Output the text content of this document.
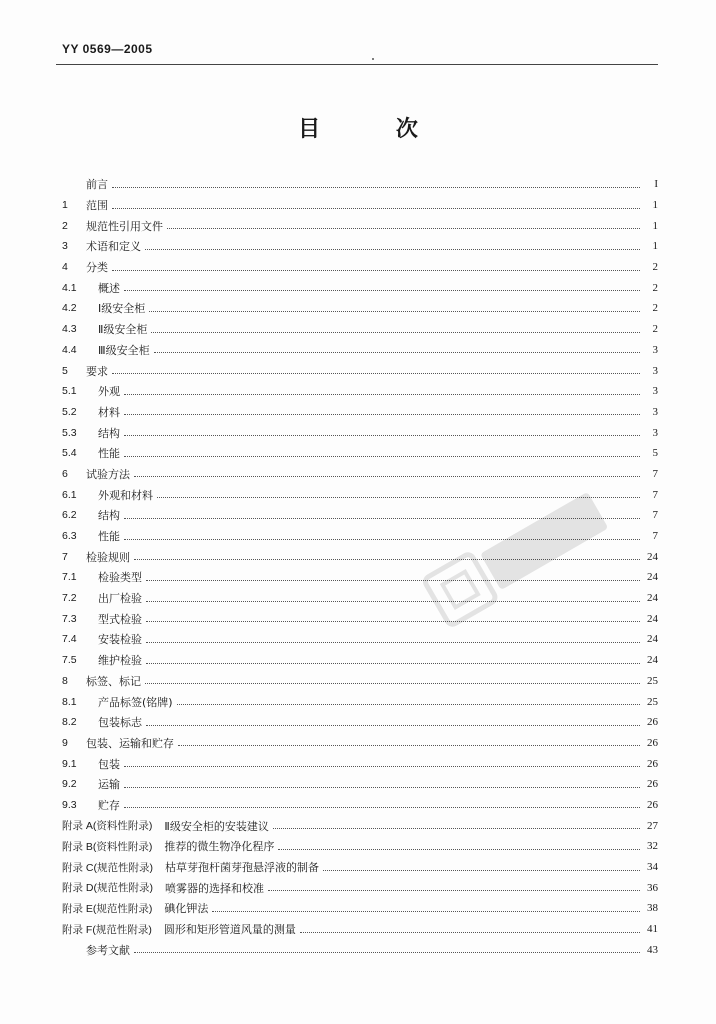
YY 0569—2005
目 次
前言	I
1	范围	1
2	规范性引用文件	1
3	术语和定义	1
4	分类	2
4.1	概述	2
4.2	Ⅰ级安全柜	2
4.3	Ⅱ级安全柜	2
4.4	Ⅲ级安全柜	3
5	要求	3
5.1	外观	3
5.2	材料	3
5.3	结构	3
5.4	性能	5
6	试验方法	7
6.1	外观和材料	7
6.2	结构	7
6.3	性能	7
7	检验规则	24
7.1	检验类型	24
7.2	出厂检验	24
7.3	型式检验	24
7.4	安装检验	24
7.5	维护检验	24
8	标签、标记	25
8.1	产品标签(铭牌)	25
8.2	包装标志	26
9	包装、运输和贮存	26
9.1	包装	26
9.2	运输	26
9.3	贮存	26
附录 A(资料性附录)	Ⅱ级安全柜的安装建议	27
附录 B(资料性附录)	推荐的微生物净化程序	32
附录 C(规范性附录)	枯草芽孢杆菌芽孢悬浮液的制备	34
附录 D(规范性附录)	喷雾器的选择和校准	36
附录 E(规范性附录)	碘化钾法	38
附录 F(规范性附录)	圆形和矩形管道风量的测量	41
参考文献	43
